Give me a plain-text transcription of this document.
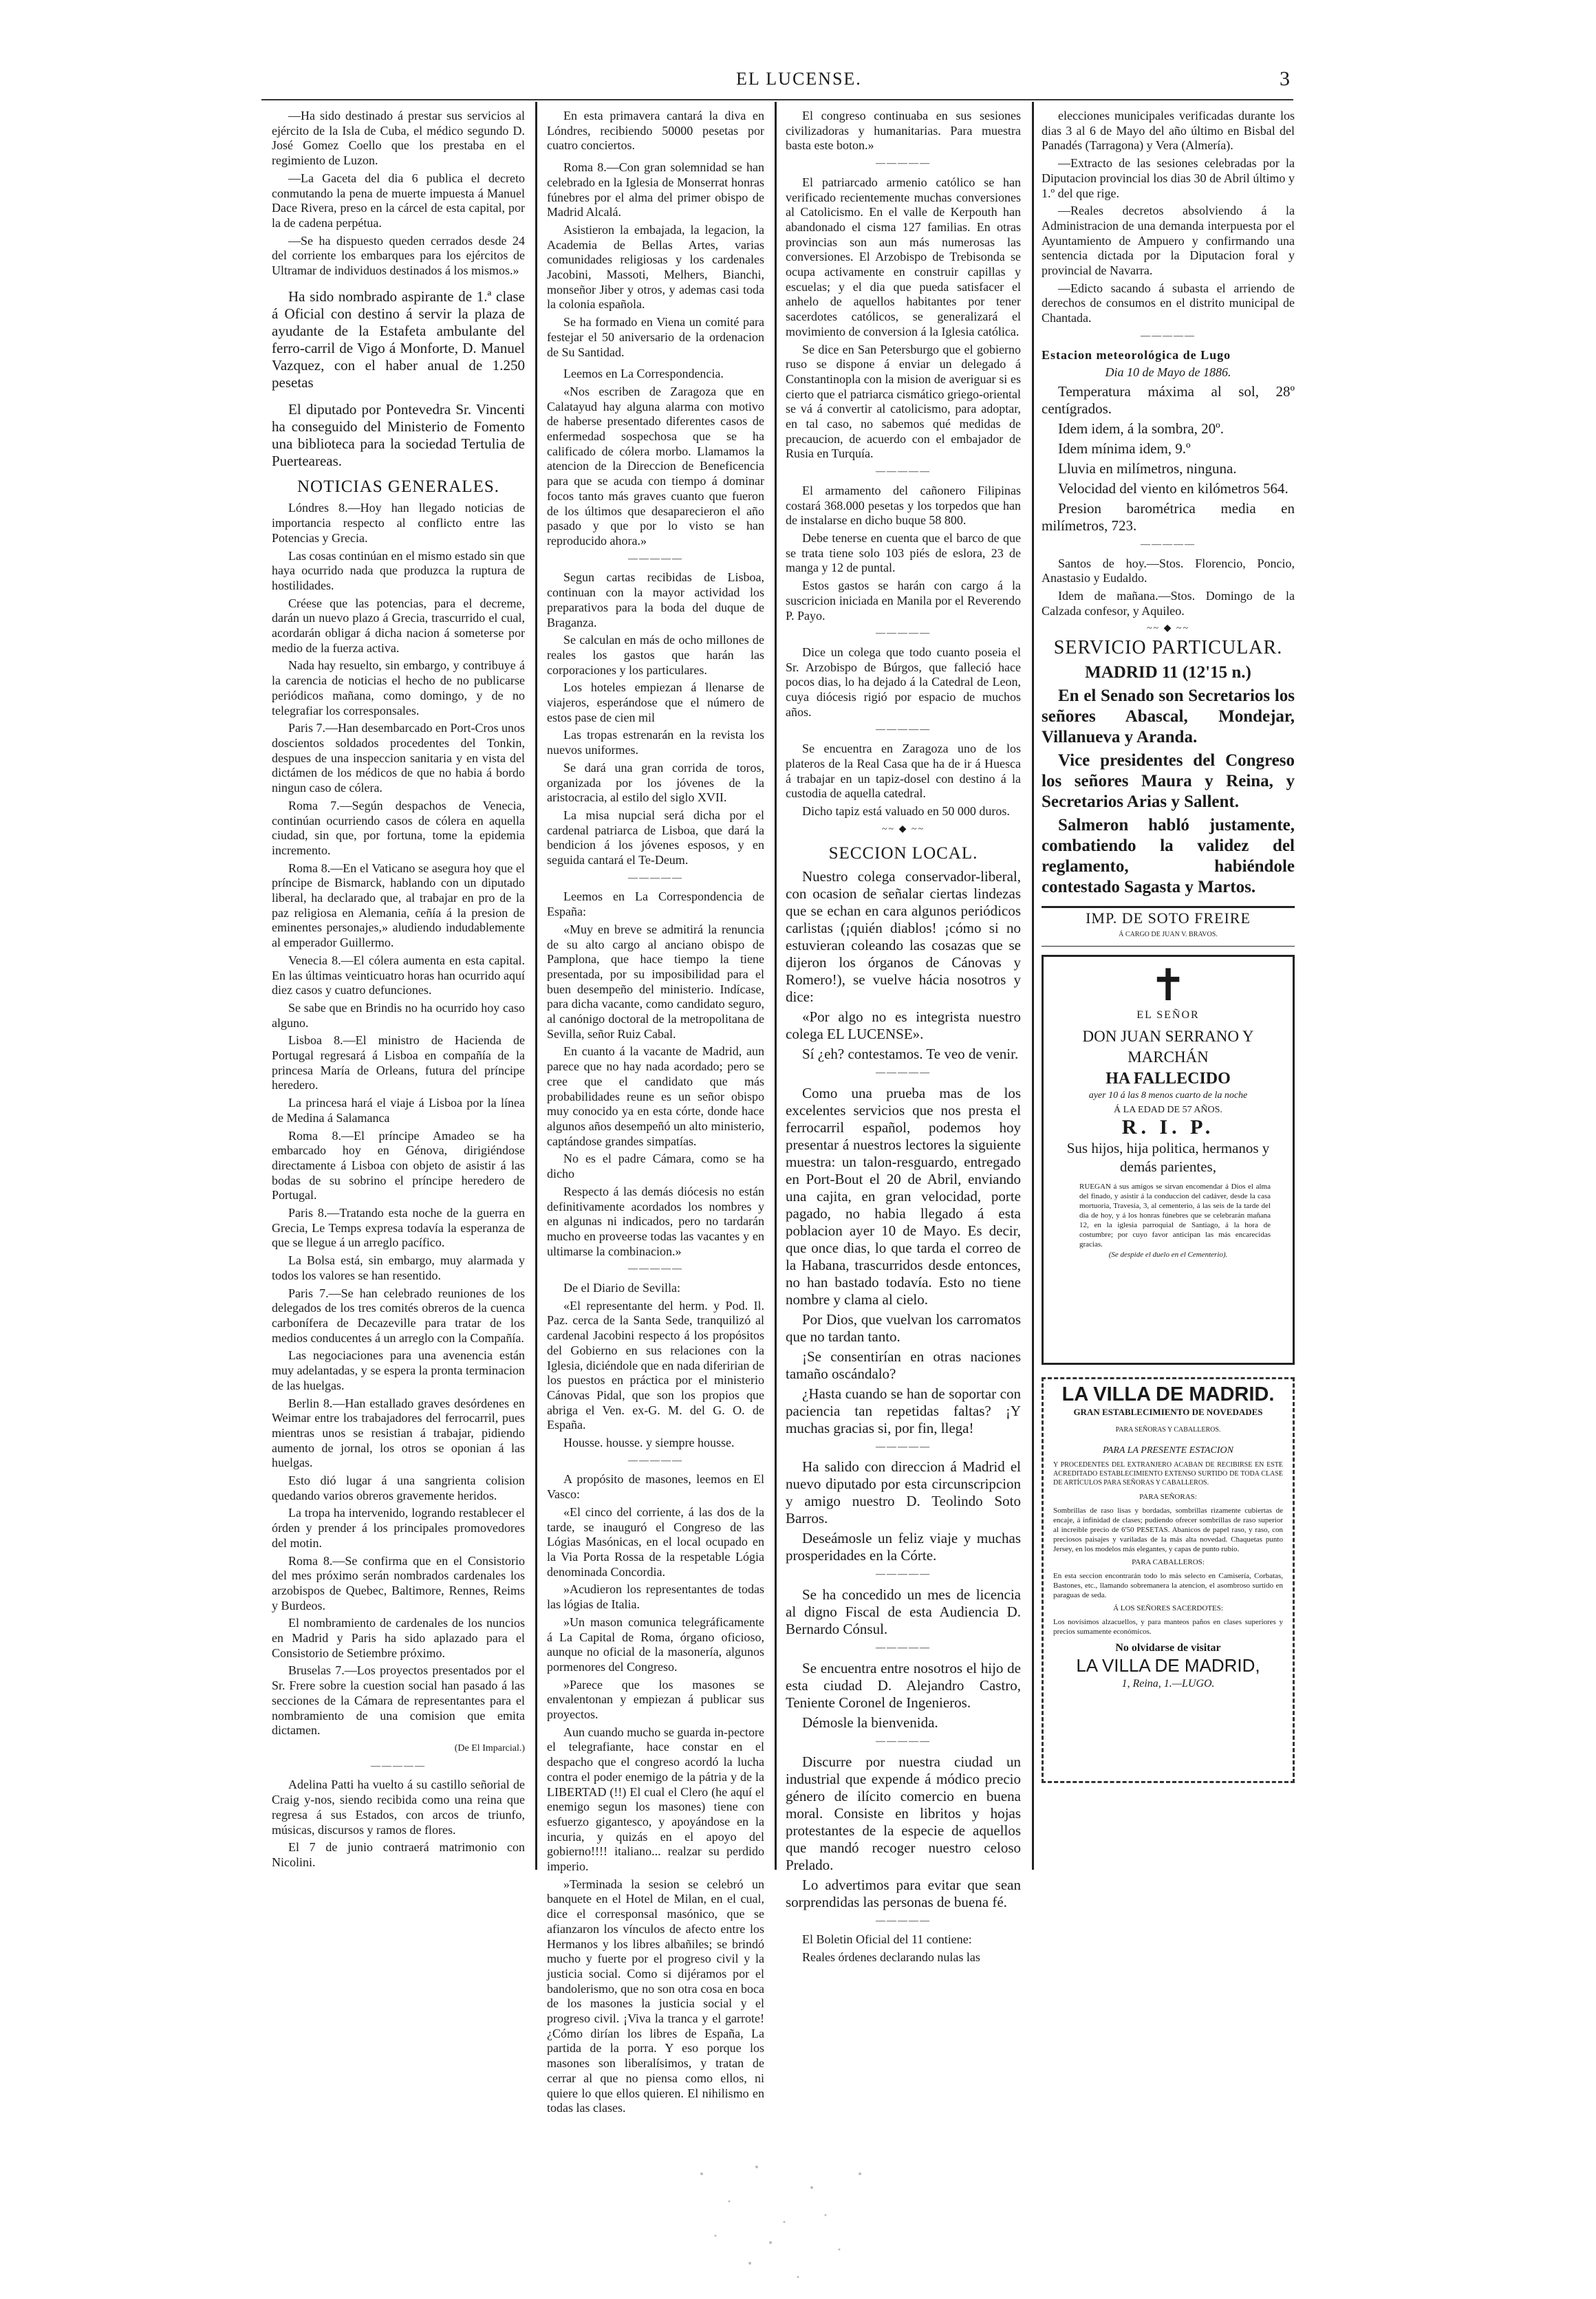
EL LUCENSE.	3

—Ha sido destinado á prestar sus servicios al ejército de la Isla de Cuba, el médico segundo D. José Gomez Coello que los prestaba en el regimiento de Luzon.

—La Gaceta del dia 6 publica el decreto conmutando la pena de muerte impuesta á Manuel Dace Rivera, preso en la cárcel de esta capital, por la de cadena perpétua.

—Se ha dispuesto queden cerrados desde 24 del corriente los embarques para los ejércitos de Ultramar de individuos destinados á los mismos.»

Ha sido nombrado aspirante de 1.ª clase á Oficial con destino á servir la plaza de ayudante de la Estafeta ambulante del ferro-carril de Vigo á Monforte, D. Manuel Vazquez, con el haber anual de 1.250 pesetas

El diputado por Pontevedra Sr. Vincenti ha conseguido del Ministerio de Fomento una biblioteca para la sociedad Tertulia de Puerteareas.

NOTICIAS GENERALES.

Lóndres 8.—Hoy han llegado noticias de importancia respecto al conflicto entre las Potencias y Grecia.

Las cosas continúan en el mismo estado sin que haya ocurrido nada que produzca la ruptura de hostilidades.

Créese que las potencias, para el decreme, darán un nuevo plazo á Grecia, trascurrido el cual, acordarán obligar á dicha nacion á someterse por medio de la fuerza activa.

Nada hay resuelto, sin embargo, y contribuye á la carencia de noticias el hecho de no publicarse periódicos mañana, como domingo, y de no telegrafiar los corresponsales.

Paris 7.—Han desembarcado en Port-Cros unos doscientos soldados procedentes del Tonkin, despues de una inspeccion sanitaria y en vista del dictámen de los médicos de que no habia á bordo ningun caso de cólera.

Roma 7.—Según despachos de Venecia, continúan ocurriendo casos de cólera en aquella ciudad, sin que, por fortuna, tome la epidemia incremento.

Roma 8.—En el Vaticano se asegura hoy que el príncipe de Bismarck, hablando con un diputado liberal, ha declarado que, al trabajar en pro de la paz religiosa en Alemania, ceñía á la presion de eminentes personajes,» aludiendo indudablemente al emperador Guillermo.

Venecia 8.—El cólera aumenta en esta capital. En las últimas veinticuatro horas han ocurrido aquí diez casos y cuatro defunciones.

Se sabe que en Brindis no ha ocurrido hoy caso alguno.

Lisboa 8.—El ministro de Hacienda de Portugal regresará á Lisboa en compañía de la princesa María de Orleans, futura del príncipe heredero.

La princesa hará el viaje á Lisboa por la línea de Medina á Salamanca

Roma 8.—El príncipe Amadeo se ha embarcado hoy en Génova, dirigiéndose directamente á Lisboa con objeto de asistir á las bodas de su sobrino el príncipe heredero de Portugal.

Paris 8.—Tratando esta noche de la guerra en Grecia, Le Temps expresa todavía la esperanza de que se llegue á un arreglo pacífico.

La Bolsa está, sin embargo, muy alarmada y todos los valores se han resentido.

Paris 7.—Se han celebrado reuniones de los delegados de los tres comités obreros de la cuenca carbonífera de Decazeville para tratar de los medios conducentes á un arreglo con la Compañía.

Las negociaciones para una avenencia están muy adelantadas, y se espera la pronta terminacion de las huelgas.

Berlin 8.—Han estallado graves desórdenes en Weimar entre los trabajadores del ferrocarril, pues mientras unos se resistian á trabajar, pidiendo aumento de jornal, los otros se oponian á las huelgas.

Esto dió lugar á una sangrienta colision quedando varios obreros gravemente heridos.

La tropa ha intervenido, logrando restablecer el órden y prender á los principales promovedores del motin.

Roma 8.—Se confirma que en el Consistorio del mes próximo serán nombrados cardenales los arzobispos de Quebec, Baltimore, Rennes, Reims y Burdeos.

El nombramiento de cardenales de los nuncios en Madrid y Paris ha sido aplazado para el Consistorio de Setiembre próximo.

Bruselas 7.—Los proyectos presentados por el Sr. Frere sobre la cuestion social han pasado á las secciones de la Cámara de representantes para el nombramiento de una comision que emita dictamen.

(De El Imparcial.)

—————

Adelina Patti ha vuelto á su castillo señorial de Craig y-nos, siendo recibida como una reina que regresa á sus Estados, con arcos de triunfo, músicas, discursos y ramos de flores.

El 7 de junio contraerá matrimonio con Nicolini.

En esta primavera cantará la diva en Lóndres, recibiendo 50000 pesetas por cuatro conciertos.

Roma 8.—Con gran solemnidad se han celebrado en la Iglesia de Monserrat honras fúnebres por el alma del primer obispo de Madrid Alcalá.

Asistieron la embajada, la legacion, la Academia de Bellas Artes, varias comunidades religiosas y los cardenales Jacobini, Massoti, Melhers, Bianchi, monseñor Jiber y otros, y ademas casi toda la colonia española.

Se ha formado en Viena un comité para festejar el 50 aniversario de la ordenacion de Su Santidad.

Leemos en La Correspondencia.

«Nos escriben de Zaragoza que en Calatayud hay alguna alarma con motivo de haberse presentado diferentes casos de enfermedad sospechosa que se ha calificado de cólera morbo. Llamamos la atencion de la Direccion de Beneficencia para que se acuda con tiempo á dominar focos tanto más graves cuanto que fueron de los últimos que desaparecieron el año pasado y que por lo visto se han reproducido ahora.»

—————

Segun cartas recibidas de Lisboa, continuan con la mayor actividad los preparativos para la boda del duque de Braganza.

Se calculan en más de ocho millones de reales los gastos que harán las corporaciones y los particulares.

Los hoteles empiezan á llenarse de viajeros, esperándose que el número de estos pase de cien mil

Las tropas estrenarán en la revista los nuevos uniformes.

Se dará una gran corrida de toros, organizada por los jóvenes de la aristocracia, al estilo del siglo XVII.

La misa nupcial será dicha por el cardenal patriarca de Lisboa, que dará la bendicion á los jóvenes esposos, y en seguida cantará el Te-Deum.

—————

Leemos en La Correspondencia de España:

«Muy en breve se admitirá la renuncia de su alto cargo al anciano obispo de Pamplona, que hace tiempo la tiene presentada, por su imposibilidad para el buen desempeño del ministerio. Indícase, para dicha vacante, como candidato seguro, al canónigo doctoral de la metropolitana de Sevilla, señor Ruiz Cabal.

En cuanto á la vacante de Madrid, aun parece que no hay nada acordado; pero se cree que el candidato que más probabilidades reune es un señor obispo muy conocido ya en esta córte, donde hace algunos años desempeñó un alto ministerio, captándose grandes simpatías.

No es el padre Cámara, como se ha dicho

Respecto á las demás diócesis no están definitivamente acordados los nombres y en algunas ni indicados, pero no tardarán mucho en proveerse todas las vacantes y en ultimarse la combinacion.»

—————

De el Diario de Sevilla:

«El representante del herm. y Pod. Il. Paz. cerca de la Santa Sede, tranquilizó al cardenal Jacobini respecto á los propósitos del Gobierno en sus relaciones con la Iglesia, diciéndole que en nada diferirian de los puestos en práctica por el ministerio Cánovas Pidal, que son los propios que abriga el Ven. ex-G. M. del G. O. de España.

Housse. housse. y siempre housse.

—————

A propósito de masones, leemos en El Vasco:

«El cinco del corriente, á las dos de la tarde, se inauguró el Congreso de las Lógias Masónicas, en el local ocupado en la Via Porta Rossa de la respetable Lógia denominada Concordia.

»Acudieron los representantes de todas las lógias de Italia.

»Un mason comunica telegráficamente á La Capital de Roma, órgano oficioso, aunque no oficial de la masonería, algunos pormenores del Congreso.

»Parece que los masones se envalentonan y empiezan á publicar sus proyectos.

Aun cuando mucho se guarda in-pectore el telegrafiante, hace constar en el despacho que el congreso acordó la lucha contra el poder enemigo de la pátria y de la LIBERTAD (!!) El cual el Clero (he aquí el enemigo segun los masones) tiene con esfuerzo gigantesco, y apoyándose en la incuria, y quizás en el apoyo del gobierno!!!! italiano... realzar su perdido imperio.

»Terminada la sesion se celebró un banquete en el Hotel de Milan, en el cual, dice el corresponsal masónico, que se afianzaron los vínculos de afecto entre los Hermanos y los libres albañiles; se brindó mucho y fuerte por el progreso civil y la justicia social. Como si dijéramos por el bandolerismo, que no son otra cosa en boca de los masones la justicia social y el progreso civil. ¡Viva la tranca y el garrote! ¿Cómo dirían los libres de España, La partida de la porra. Y eso porque los masones son liberalísimos, y tratan de cerrar al que no piensa como ellos, ni quiere lo que ellos quieren. El nihilismo en todas las clases.

El congreso continuaba en sus sesiones civilizadoras y humanitarias. Para muestra basta este boton.»

—————

El patriarcado armenio católico se han verificado recientemente muchas conversiones al Catolicismo. En el valle de Kerpouth han abandonado el cisma 127 familias. En otras provincias son aun más numerosas las conversiones. El Arzobispo de Trebisonda se ocupa activamente en construir capillas y escuelas; y el dia que pueda satisfacer el anhelo de aquellos habitantes por tener sacerdotes católicos, se generalizará el movimiento de conversion á la Iglesia católica.

Se dice en San Petersburgo que el gobierno ruso se dispone á enviar un delegado á Constantinopla con la mision de averiguar si es cierto que el patriarca cismático griego-oriental se vá á convertir al catolicismo, para adoptar, en tal caso, no sabemos qué medidas de precaucion, de acuerdo con el embajador de Rusia en Turquía.

—————

El armamento del cañonero Filipinas costará 368.000 pesetas y los torpedos que han de instalarse en dicho buque 58 800.

Debe tenerse en cuenta que el barco de que se trata tiene solo 103 piés de eslora, 23 de manga y 12 de puntal.

Estos gastos se harán con cargo á la suscricion iniciada en Manila por el Reverendo P. Payo.

—————

Dice un colega que todo cuanto poseia el Sr. Arzobispo de Búrgos, que falleció hace pocos dias, lo ha dejado á la Catedral de Leon, cuya diócesis rigió por espacio de muchos años.

—————

Se encuentra en Zaragoza uno de los plateros de la Real Casa que ha de ir á Huesca á trabajar en un tapiz-dosel con destino á la custodia de aquella catedral.

Dicho tapiz está valuado en 50 000 duros.

~~ ◆ ~~
SECCION LOCAL.

Nuestro colega conservador-liberal, con ocasion de señalar ciertas lindezas que se echan en cara algunos periódicos carlistas (¡quién diablos! ¡cómo si no estuvieran coleando las cosazas que se dijeron los órganos de Cánovas y Romero!), se vuelve hácia nosotros y dice:

«Por algo no es integrista nuestro colega EL LUCENSE».

Sí ¿eh? contestamos. Te veo de venir.

—————

Como una prueba mas de los excelentes servicios que nos presta el ferrocarril español, podemos hoy presentar á nuestros lectores la siguiente muestra: un talon-resguardo, entregado en Port-Bout el 20 de Abril, enviando una cajita, en gran velocidad, porte pagado, no habia llegado á esta poblacion ayer 10 de Mayo. Es decir, que once dias, lo que tarda el correo de la Habana, trascurridos desde entonces, no han bastado todavía. Esto no tiene nombre y clama al cielo.

Por Dios, que vuelvan los carromatos que no tardan tanto.

¡Se consentirían en otras naciones tamaño oscándalo?

¿Hasta cuando se han de soportar con paciencia tan repetidas faltas? ¡Y muchas gracias si, por fin, llega!

—————

Ha salido con direccion á Madrid el nuevo diputado por esta circunscripcion y amigo nuestro D. Teolindo Soto Barros.

Deseámosle un feliz viaje y muchas prosperidades en la Córte.

—————

Se ha concedido un mes de licencia al digno Fiscal de esta Audiencia D. Bernardo Cónsul.

—————

Se encuentra entre nosotros el hijo de esta ciudad D. Alejandro Castro, Teniente Coronel de Ingenieros.

Démosle la bienvenida.

—————

Discurre por nuestra ciudad un industrial que expende á módico precio género de ilícito comercio en buena moral. Consiste en libritos y hojas protestantes de la especie de aquellos que mandó recoger nuestro celoso Prelado.

Lo advertimos para evitar que sean sorprendidas las personas de buena fé.

—————

El Boletin Oficial del 11 contiene:

Reales órdenes declarando nulas las

elecciones municipales verificadas durante los dias 3 al 6 de Mayo del año último en Bisbal del Panadés (Tarragona) y Vera (Almería).

—Extracto de las sesiones celebradas por la Diputacion provincial los dias 30 de Abril último y 1.º del que rige.

—Reales decretos absolviendo á la Administracion de una demanda interpuesta por el Ayuntamiento de Ampuero y confirmando una sentencia dictada por la Diputacion foral y provincial de Navarra.

—Edicto sacando á subasta el arriendo de derechos de consumos en el distrito municipal de Chantada.

—————

Estacion meteorológica de Lugo

Dia 10 de Mayo de 1886.

Temperatura máxima al sol, 28º centígrados.

Idem idem, á la sombra, 20º.

Idem mínima idem, 9.º

Lluvia en milímetros, ninguna.

Velocidad del viento en kilómetros 564.

Presion barométrica media en milímetros, 723.

—————

Santos de hoy.—Stos. Florencio, Poncio, Anastasio y Eudaldo.

Idem de mañana.—Stos. Domingo de la Calzada confesor, y Aquileo.

~~ ◆ ~~
SERVICIO PARTICULAR.

MADRID 11 (12'15 n.)

En el Senado son Secretarios los señores Abascal, Mondejar, Villanueva y Aranda.

Vice presidentes del Congreso los señores Maura y Reina, y Secretarios Arias y Sallent.

Salmeron habló justamente, combatiendo la validez del reglamento, habiéndole contestado Sagasta y Martos.

IMP. DE SOTO FREIRE

Á CARGO DE JUAN V. BRAVOS.

✝

EL SEÑOR

DON JUAN SERRANO Y MARCHÁN

HA FALLECIDO

ayer 10 á las 8 menos cuarto de la noche

Á LA EDAD DE 57 AÑOS.

R. I. P.

Sus hijos, hija politica, hermanos y demás parientes,

RUEGAN á sus amigos se sirvan encomendar á Dios el alma del finado, y asistir á la conduccion del cadáver, desde la casa mortuoria, Travesía, 3, al cementerio, á las seis de la tarde del dia de hoy, y á los honras fúnebres que se celebrarán mañana 12, en la iglesia parroquial de Santiago, á la hora de costumbre; por cuyo favor anticipan las más encarecidas gracias.

(Se despide el duelo en el Cementerio).

LA VILLA DE MADRID.

GRAN ESTABLECIMIENTO DE NOVEDADES

PARA SEÑORAS Y CABALLEROS.

PARA LA PRESENTE ESTACION

Y PROCEDENTES DEL EXTRANJERO ACABAN DE RECIBIRSE EN ESTE ACREDITADO ESTABLECIMIENTO EXTENSO SURTIDO DE TODA CLASE DE ARTÍCULOS PARA SEÑORAS Y CABALLEROS.

PARA SEÑORAS:

Sombrillas de raso lisas y bordadas, sombrillas rizamente cubiertas de encaje, á infinidad de clases; pudiendo ofrecer sombrillas de raso superior al increible precio de 6'50 PESETAS. Abanicos de papel raso, y raso, con preciosos paisajes y variladas de la más alta novedad. Chaquetas punto Jersey, en los modelos más elegantes, y capas de punto rubio.

PARA CABALLEROS:

En esta seccion encontrarán todo lo más selecto en Camisería, Corbatas, Bastones, etc., llamando sobremanera la atencion, el asombroso surtido en paraguas de seda.

Á LOS SEÑORES SACERDOTES:

Los novísimos alzacuellos, y para manteos paños en clases superiores y precios sumamente económicos.

No olvidarse de visitar

LA VILLA DE MADRID,

1, Reina, 1.—LUGO.
